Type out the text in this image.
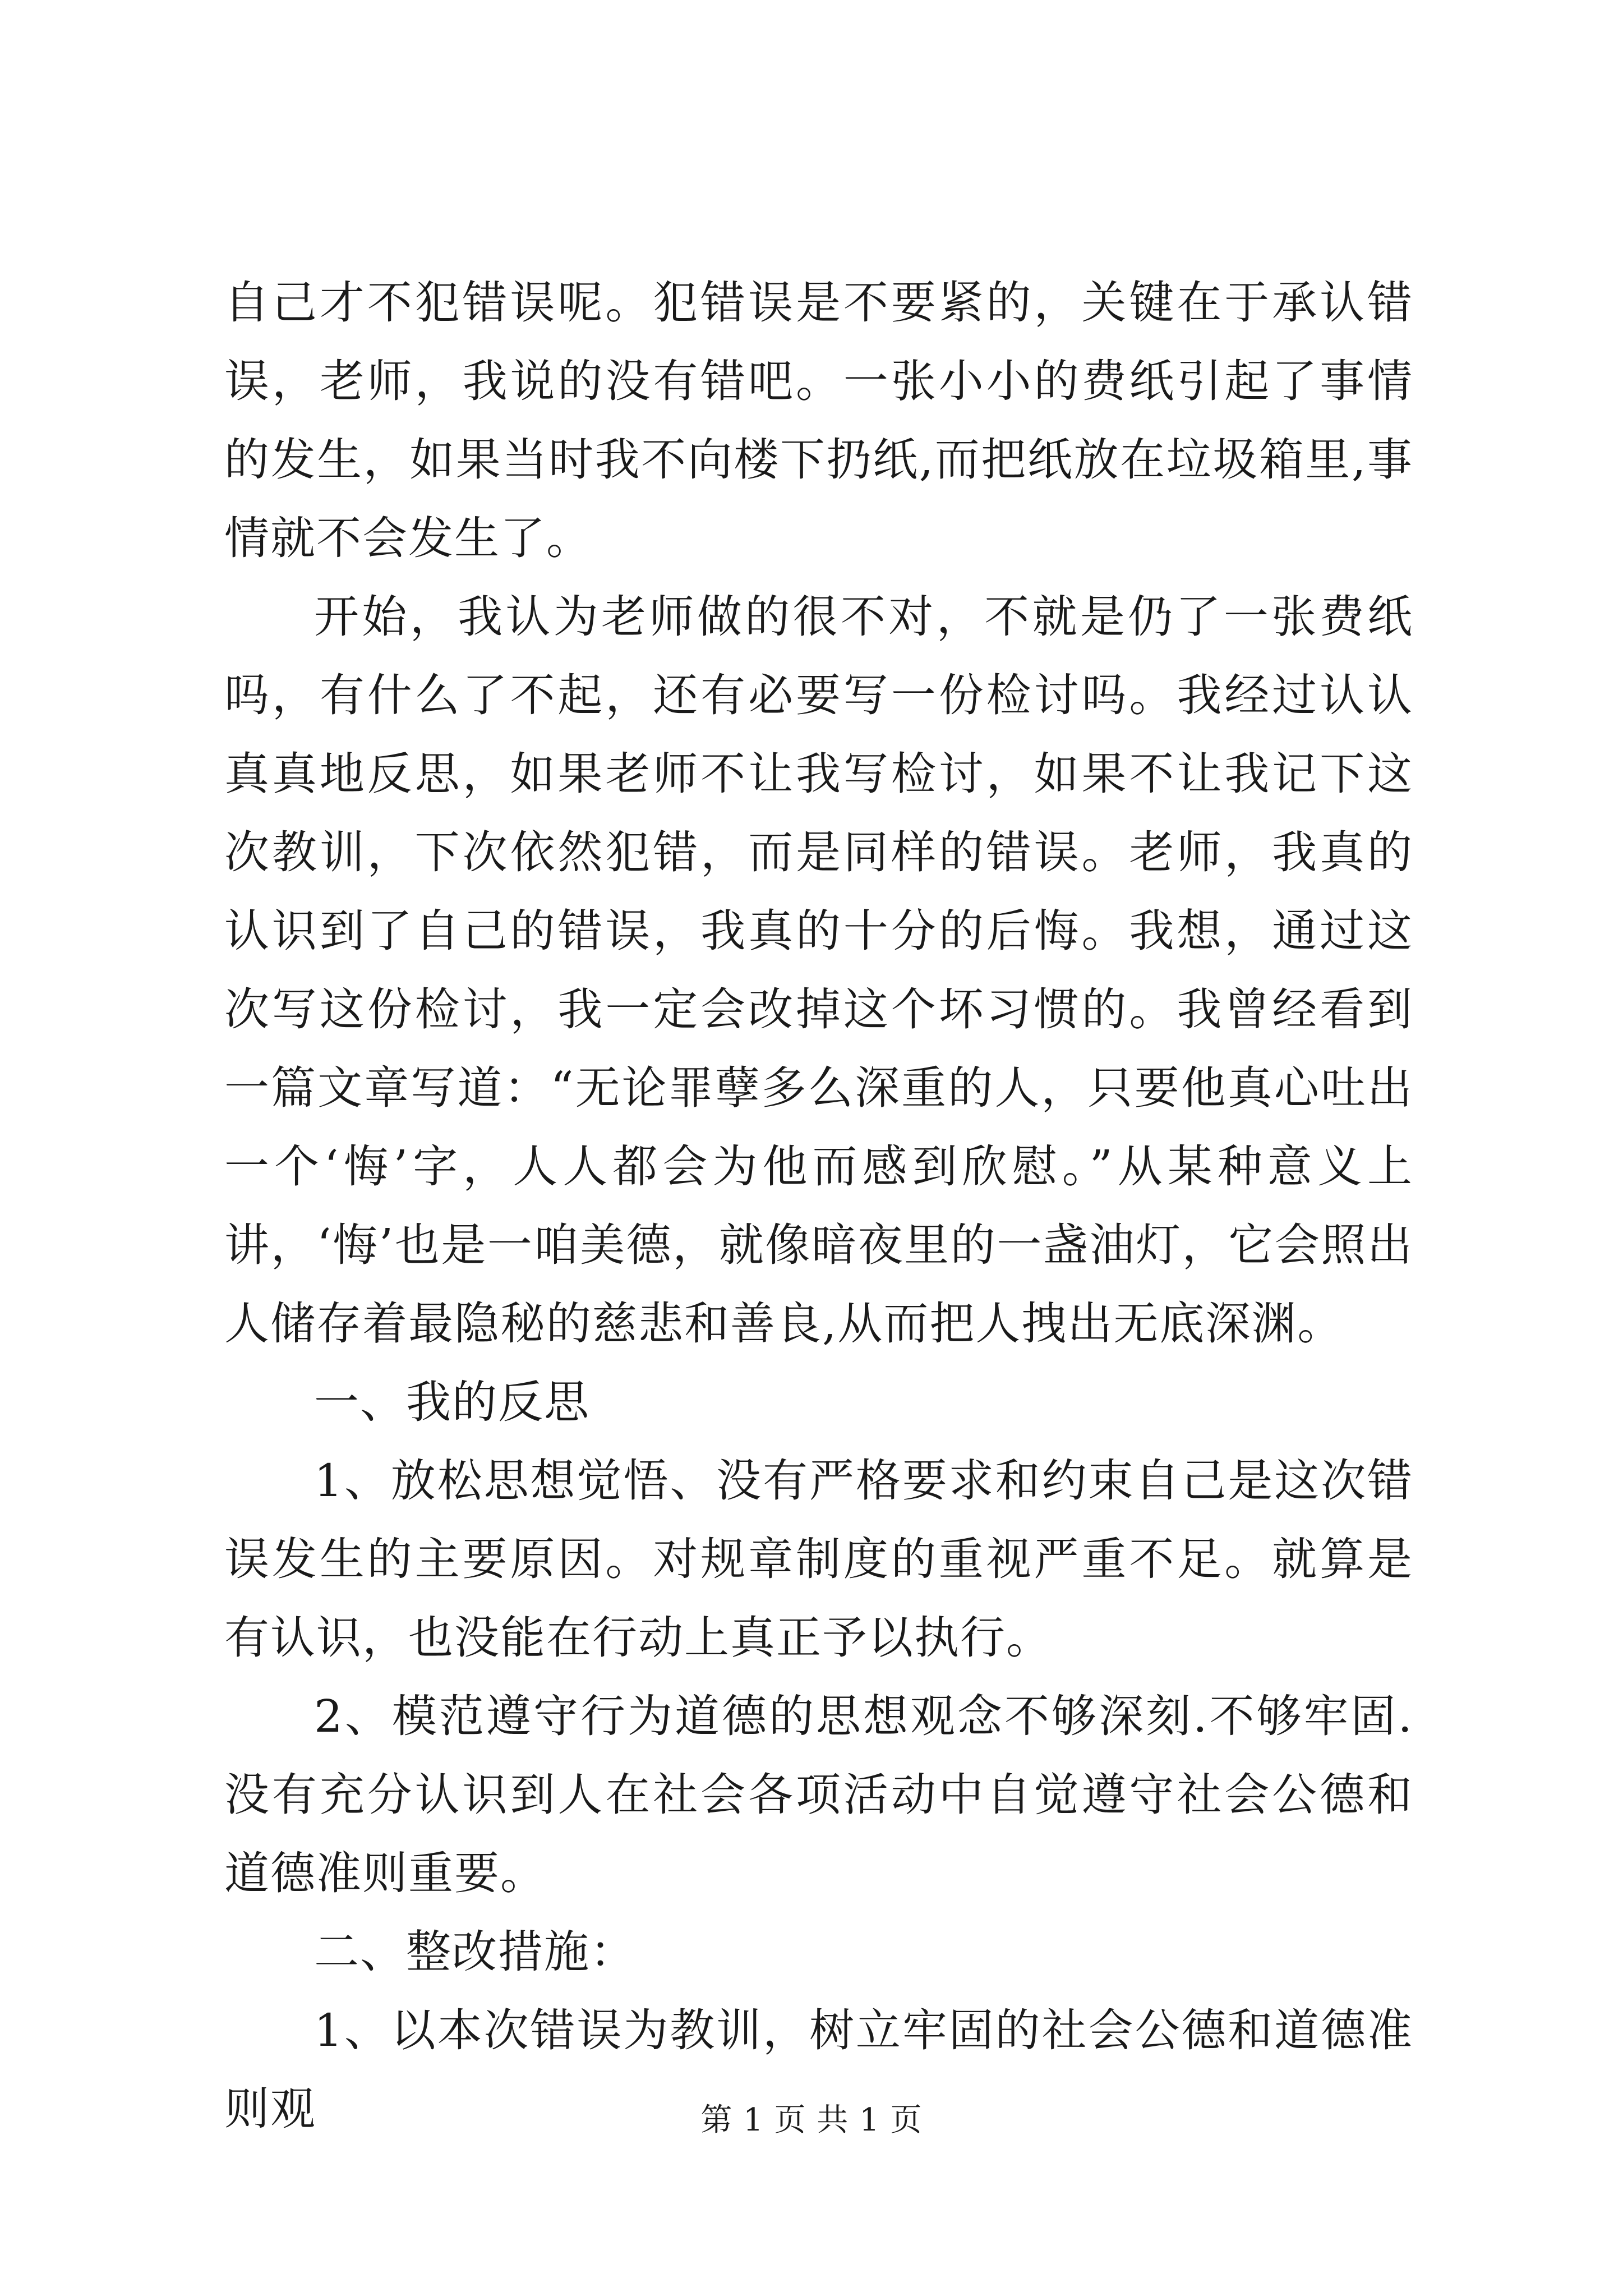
自己才不犯错误呢。犯错误是不要紧的，关键在于承认错误，老师，我说的没有错吧。一张小小的费纸引起了事情的发生，如果当时我不向楼下扔纸,而把纸放在垃圾箱里,事情就不会发生了。

开始，我认为老师做的很不对，不就是仍了一张费纸吗，有什么了不起，还有必要写一份检讨吗。我经过认认真真地反思，如果老师不让我写检讨，如果不让我记下这次教训，下次依然犯错，而是同样的错误。老师，我真的认识到了自己的错误，我真的十分的后悔。我想，通过这次写这份检讨，我一定会改掉这个坏习惯的。我曾经看到一篇文章写道：“无论罪孽多么深重的人，只要他真心吐出一个‘悔’字，人人都会为他而感到欣慰。”从某种意义上讲，‘悔’也是一咱美德，就像暗夜里的一盏油灯，它会照出人储存着最隐秘的慈悲和善良,从而把人拽出无底深渊。

一、我的反思

1、放松思想觉悟、没有严格要求和约束自己是这次错误发生的主要原因。对规章制度的重视严重不足。就算是有认识，也没能在行动上真正予以执行。

2、模范遵守行为道德的思想观念不够深刻.不够牢固.没有充分认识到人在社会各项活动中自觉遵守社会公德和道德准则重要。

二、整改措施：

1、以本次错误为教训，树立牢固的社会公德和道德准则观	第 1 页 共 1 页
